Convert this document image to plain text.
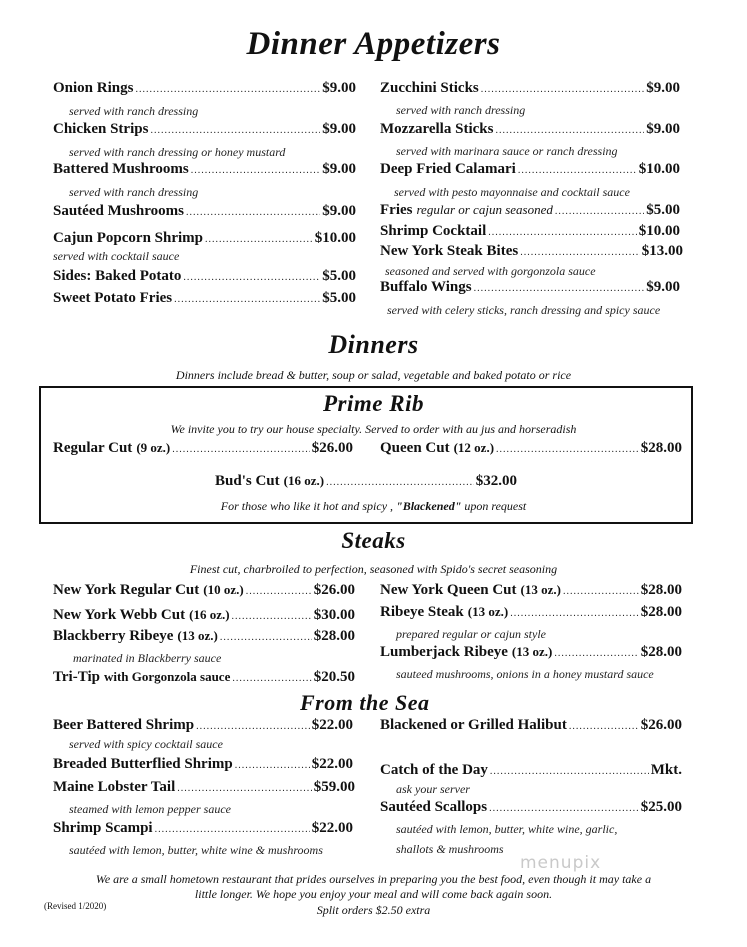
Dinner Appetizers
Onion Rings .....	$9.00
served with ranch dressing
Chicken Strips .....	$9.00
served with ranch dressing or honey mustard
Battered Mushrooms .....	$9.00
served with ranch dressing
Sautéed Mushrooms .....	$9.00
Cajun Popcorn Shrimp .....	$10.00
served with cocktail sauce
Sides: Baked Potato .....	$5.00
Sweet Potato Fries .....	$5.00
Zucchini Sticks .....	$9.00
served with ranch dressing
Mozzarella Sticks .....	$9.00
served with marinara sauce or ranch dressing
Deep Fried Calamari .....	$10.00
served with pesto mayonnaise and cocktail sauce
Fries regular or cajun seasoned .....	$5.00
Shrimp Cocktail .....	$10.00
New York Steak Bites .....	$13.00
seasoned and served with gorgonzola sauce
Buffalo Wings .....	$9.00
served with celery sticks, ranch dressing and spicy sauce
Dinners
Dinners include bread & butter, soup or salad, vegetable and baked potato or rice
Prime Rib
We invite you to try our house specialty. Served to order with au jus and horseradish
Regular Cut (9 oz.) .....	$26.00 Queen Cut (12 oz.) .....	$28.00
Bud's Cut (16 oz.) .....	$32.00
For those who like it hot and spicy , "Blackened" upon request
Steaks
Finest cut, charbroiled to perfection, seasoned with Spido's secret seasoning
New York Regular Cut (10 oz.) .....	$26.00
New York Webb Cut (16 oz.) .....	$30.00
Blackberry Ribeye (13 oz.) .....	$28.00
marinated in Blackberry sauce
Tri-Tip with Gorgonzola sauce .....	$20.50
New York Queen Cut (13 oz.) .....	$28.00
Ribeye Steak (13 oz.) .....	$28.00
prepared regular or cajun style
Lumberjack Ribeye (13 oz.) .....	$28.00
sauteed mushrooms, onions in a honey mustard sauce
From the Sea
Beer Battered Shrimp .....	$22.00
served with spicy cocktail sauce
Breaded Butterflied Shrimp .....	$22.00
Maine Lobster Tail .....	$59.00
steamed with lemon pepper sauce
Shrimp Scampi .....	$22.00
sautéed with lemon, butter, white wine & mushrooms
Blackened or Grilled Halibut .....	$26.00
Catch of the Day .....	Mkt.
ask your server
Sautéed Scallops .....	$25.00
sautéed with lemon, butter, white wine, garlic,
shallots & mushrooms
menupix
We are a small hometown restaurant that prides ourselves in preparing you the best food, even though it may take a
little longer. We hope you enjoy your meal and will come back again soon.
Split orders $2.50 extra
(Revised 1/2020)
